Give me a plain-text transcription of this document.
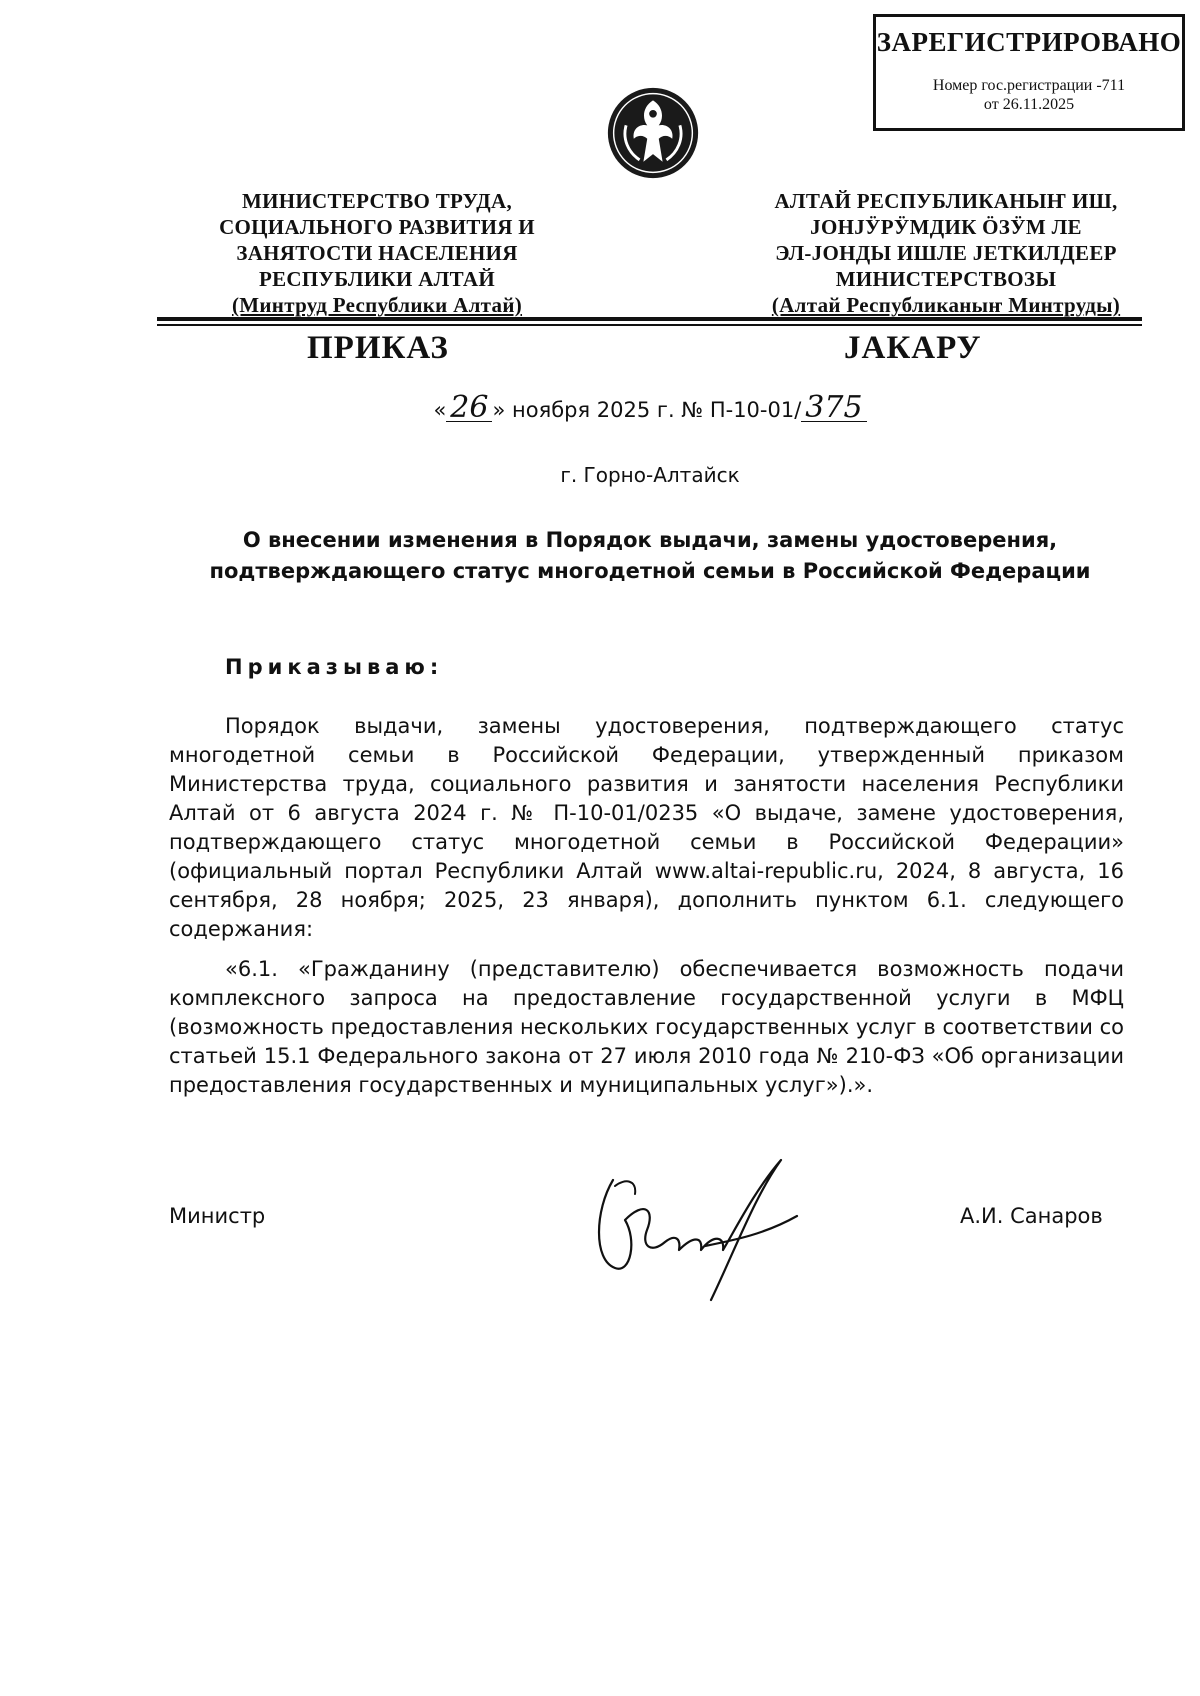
ЗАРЕГИСТРИРОВАНО
Номер гос.регистрации -711
от 26.11.2025
МИНИСТЕРСТВО ТРУДА,
СОЦИАЛЬНОГО РАЗВИТИЯ И
ЗАНЯТОСТИ НАСЕЛЕНИЯ
РЕСПУБЛИКИ АЛТАЙ
(Минтруд Республики Алтай)
АЛТАЙ РЕСПУБЛИКАНЫҤ ИШ,
ЈОНЈӰРӰМДИК ӦЗӰМ ЛЕ
ЭЛ-ЈОНДЫ ИШЛЕ ЈЕТКИЛДЕЕР
МИНИСТЕРСТВОЗЫ
(Алтай Республиканыҥ Минтруды)
ПРИКАЗ	ЈАКАРУ
« 26 » ноября 2025 г. № П-10-01/ 375
г. Горно-Алтайск
О внесении изменения в Порядок выдачи, замены удостоверения,
подтверждающего статус многодетной семьи в Российской Федерации
Приказываю:

Порядок выдачи, замены удостоверения, подтверждающего статус многодетной семьи в Российской Федерации, утвержденный приказом Министерства труда, социального развития и занятости населения Республики Алтай от 6 августа 2024 г. № П-10-01/0235 «О выдаче, замене удостоверения, подтверждающего статус многодетной семьи в Российской Федерации» (официальный портал Республики Алтай www.altai-republic.ru, 2024, 8 августа, 16 сентября, 28 ноября; 2025, 23 января), дополнить пунктом 6.1. следующего содержания:

«6.1. «Гражданину (представителю) обеспечивается возможность подачи комплексного запроса на предоставление государственной услуги в МФЦ (возможность предоставления нескольких государственных услуг в соответствии со статьей 15.1 Федерального закона от 27 июля 2010 года № 210-ФЗ «Об организации предоставления государственных и муниципальных услуг»).».

Министр	А.И. Санаров
